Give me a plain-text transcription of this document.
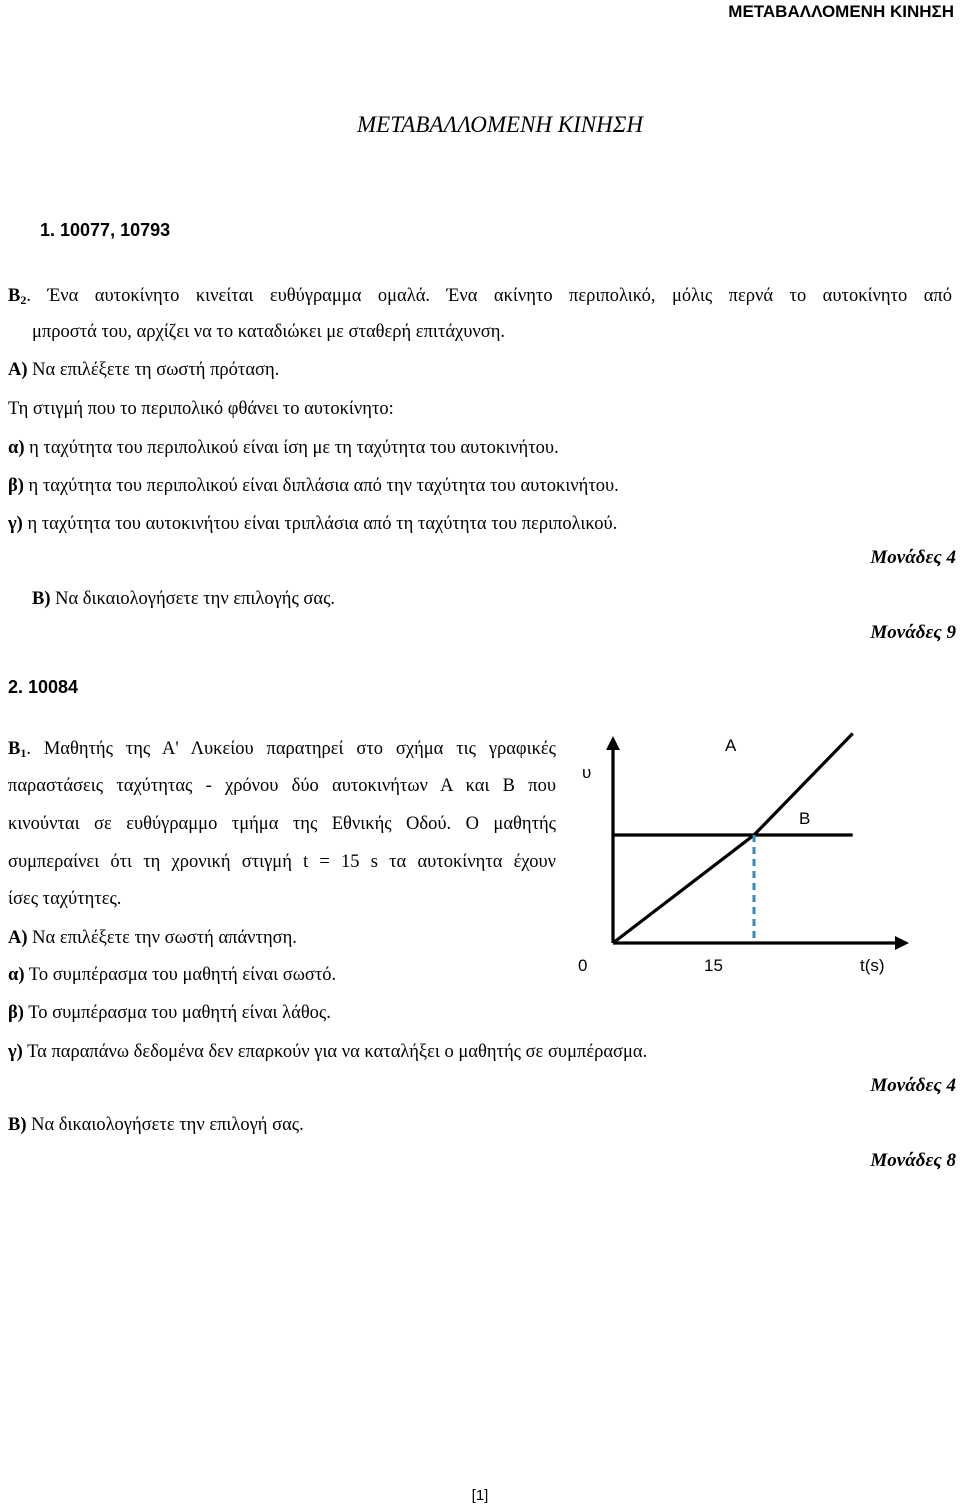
ΜΕΤΑΒΑΛΛΟΜΕΝΗ ΚΙΝΗΣΗ
ΜΕΤΑΒΑΛΛΟΜΕΝΗ ΚΙΝΗΣΗ
1. 10077, 10793
$B_2$. Ένα αυτοκίνητο κινείται ευθύγραμμα ομαλά. Ένα ακίνητο περιπολικό, μόλις περνά το αυτοκίνητο από
μπροστά του, αρχίζει να το καταδιώκει με σταθερή επιτάχυνση.
Α) Να επιλέξετε τη σωστή πρόταση.
Τη στιγμή που το περιπολικό φθάνει το αυτοκίνητο:
α) η ταχύτητα του περιπολικού είναι ίση με τη ταχύτητα του αυτοκινήτου.
β) η ταχύτητα του περιπολικού είναι διπλάσια από την ταχύτητα του αυτοκινήτου.
γ) η ταχύτητα του αυτοκινήτου είναι τριπλάσια από τη ταχύτητα του περιπολικού.
Μονάδες 4
Β) Να δικαιολογήσετε την επιλογής σας.
Μονάδες 9
2. 10084
$B_1$. Μαθητής της Α' Λυκείου παρατηρεί στο σχήμα τις γραφικές
παραστάσεις ταχύτητας - χρόνου δύο αυτοκινήτων Α και Β που
κινούνται σε ευθύγραμμο τμήμα της Εθνικής Οδού. Ο μαθητής
συμπεραίνει ότι τη χρονική στιγμή t = 15 s τα αυτοκίνητα έχουν
ίσες ταχύτητες.
Α) Να επιλέξετε την σωστή απάντηση.
α) Το συμπέρασμα του μαθητή είναι σωστό.
β) Το συμπέρασμα του μαθητή είναι λάθος.
γ) Τα παραπάνω δεδομένα δεν επαρκούν για να καταλήξει ο μαθητής σε συμπέρασμα.
Μονάδες 4
Β) Να δικαιολογήσετε την επιλογή σας.
Μονάδες 8
υ
0	15	t(s)
A
B
[1]
